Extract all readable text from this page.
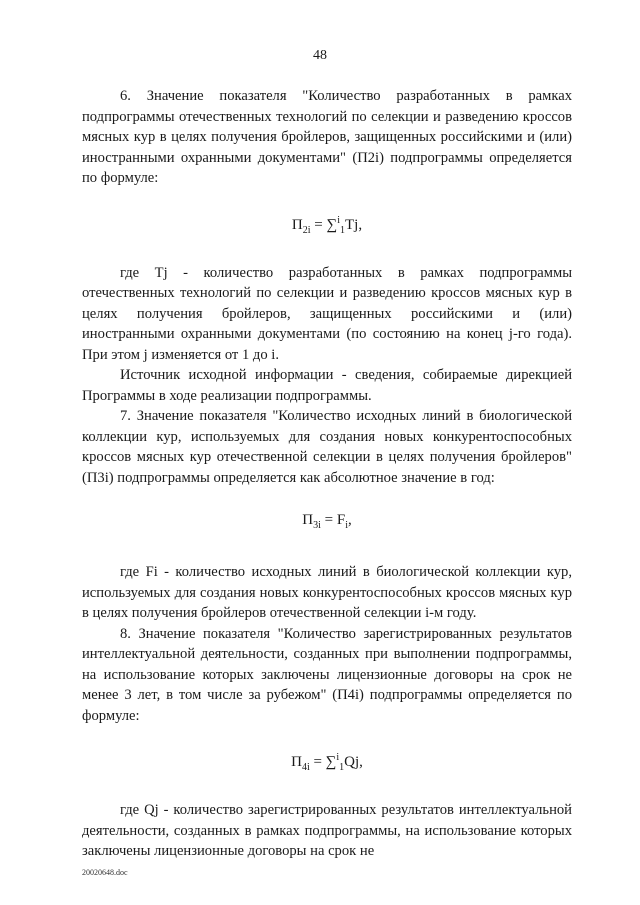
48

6. Значение показателя "Количество разработанных в рамках подпрограммы отечественных технологий по селекции и разведению кроссов мясных кур в целях получения бройлеров, защищенных российскими и (или) иностранными охранными документами" (П2i) подпрограммы определяется по формуле:

$П_{2i} = \sum^i_1Tj$,

где Tj - количество разработанных в рамках подпрограммы отечественных технологий по селекции и разведению кроссов мясных кур в целях получения бройлеров, защищенных российскими и (или) иностранными охранными документами (по состоянию на конец j-го года). При этом j изменяется от 1 до i.

Источник исходной информации - сведения, собираемые дирекцией Программы в ходе реализации подпрограммы.

7. Значение показателя "Количество исходных линий в биологической коллекции кур, используемых для создания новых конкурентоспособных кроссов мясных кур отечественной селекции в целях получения бройлеров" (П3i) подпрограммы определяется как абсолютное значение в год:

$П_{3i} = F_i$,

где Fi - количество исходных линий в биологической коллекции кур, используемых для создания новых конкурентоспособных кроссов мясных кур в целях получения бройлеров отечественной селекции i-м году.

8. Значение показателя "Количество зарегистрированных результатов интеллектуальной деятельности, созданных при выполнении подпрограммы, на использование которых заключены лицензионные договоры на срок не менее 3 лет, в том числе за рубежом" (П4i) подпрограммы определяется по формуле:

$П_{4i} = \sum^i_1Qj$,

где Qj - количество зарегистрированных результатов интеллектуальной деятельности, созданных в рамках подпрограммы, на использование которых заключены лицензионные договоры на срок не

20020648.doc
